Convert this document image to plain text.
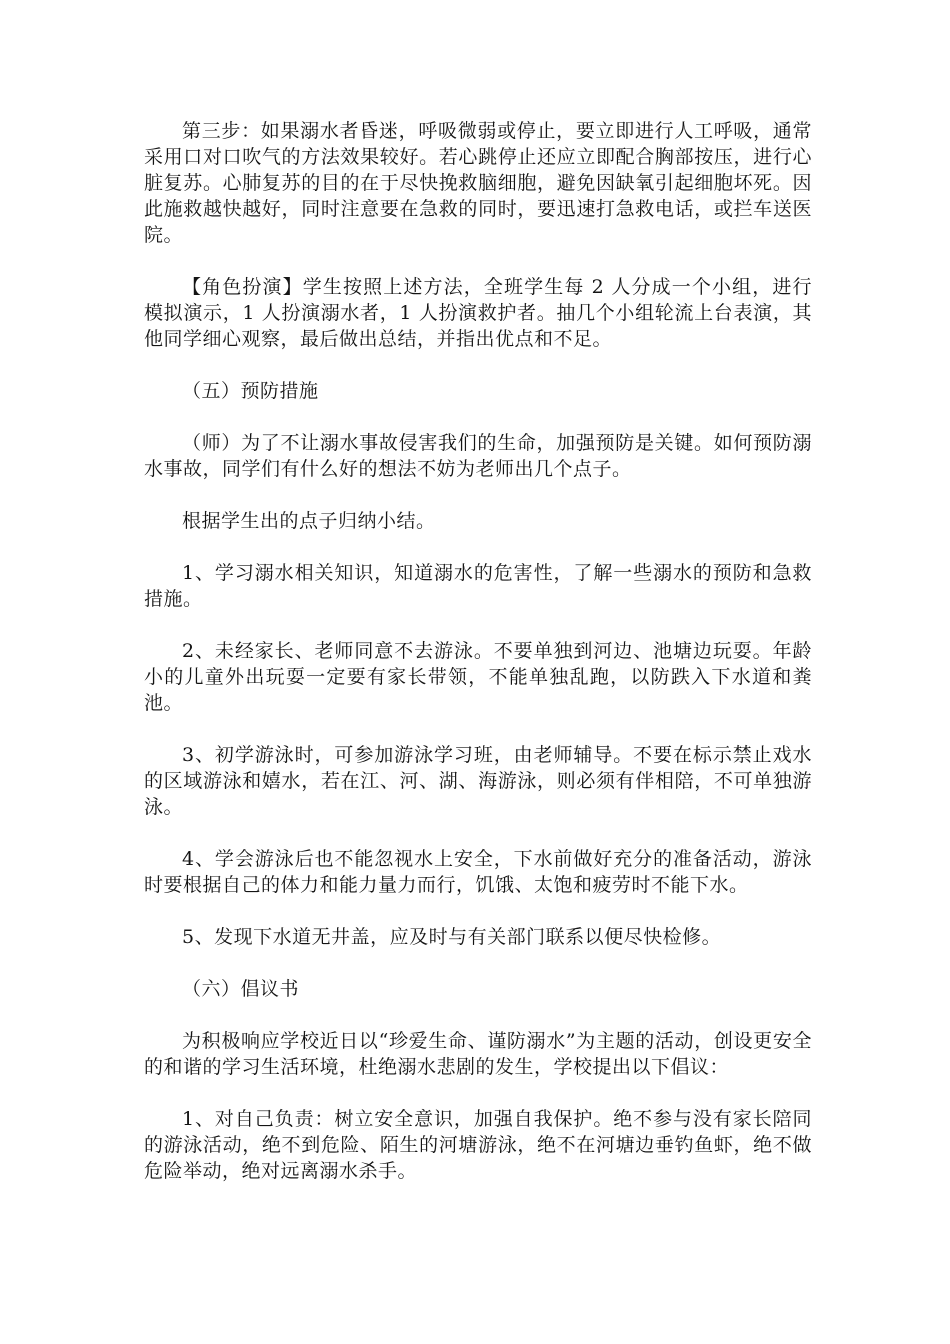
第三步：如果溺水者昏迷，呼吸微弱或停止，要立即进行人工呼吸，通常采用口对口吹气的方法效果较好。若心跳停止还应立即配合胸部按压，进行心脏复苏。心肺复苏的目的在于尽快挽救脑细胞，避免因缺氧引起细胞坏死。因此施救越快越好，同时注意要在急救的同时，要迅速打急救电话，或拦车送医院。

【角色扮演】学生按照上述方法，全班学生每 2 人分成一个小组，进行模拟演示，1 人扮演溺水者，1 人扮演救护者。抽几个小组轮流上台表演，其他同学细心观察，最后做出总结，并指出优点和不足。

（五）预防措施

（师）为了不让溺水事故侵害我们的生命，加强预防是关键。如何预防溺水事故，同学们有什么好的想法不妨为老师出几个点子。

根据学生出的点子归纳小结。

1、学习溺水相关知识，知道溺水的危害性，了解一些溺水的预防和急救措施。

2、未经家长、老师同意不去游泳。不要单独到河边、池塘边玩耍。年龄小的儿童外出玩耍一定要有家长带领，不能单独乱跑，以防跌入下水道和粪池。

3、初学游泳时，可参加游泳学习班，由老师辅导。不要在标示禁止戏水的区域游泳和嬉水，若在江、河、湖、海游泳，则必须有伴相陪，不可单独游泳。

4、学会游泳后也不能忽视水上安全，下水前做好充分的准备活动，游泳时要根据自己的体力和能力量力而行，饥饿、太饱和疲劳时不能下水。

5、发现下水道无井盖，应及时与有关部门联系以便尽快检修。

（六）倡议书

为积极响应学校近日以“珍爱生命、谨防溺水”为主题的活动，创设更安全的和谐的学习生活环境，杜绝溺水悲剧的发生，学校提出以下倡议：

1、对自己负责：树立安全意识，加强自我保护。绝不参与没有家长陪同的游泳活动，绝不到危险、陌生的河塘游泳，绝不在河塘边垂钓鱼虾，绝不做危险举动，绝对远离溺水杀手。
